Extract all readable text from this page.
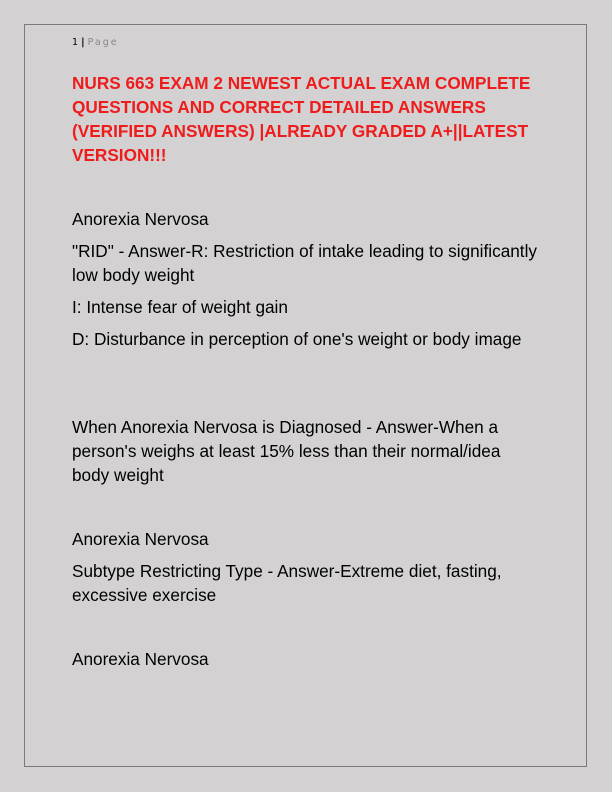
1 | Page
NURS 663 EXAM 2 NEWEST ACTUAL EXAM COMPLETE QUESTIONS AND CORRECT DETAILED ANSWERS (VERIFIED ANSWERS) |ALREADY GRADED A+||LATEST VERSION!!!

Anorexia Nervosa

"RID" - Answer-R: Restriction of intake leading to significantly low body weight

I: Intense fear of weight gain

D: Disturbance in perception of one's weight or body image

When Anorexia Nervosa is Diagnosed - Answer-When a person's weighs at least 15% less than their normal/idea body weight

Anorexia Nervosa

Subtype Restricting Type - Answer-Extreme diet, fasting, excessive exercise

Anorexia Nervosa
